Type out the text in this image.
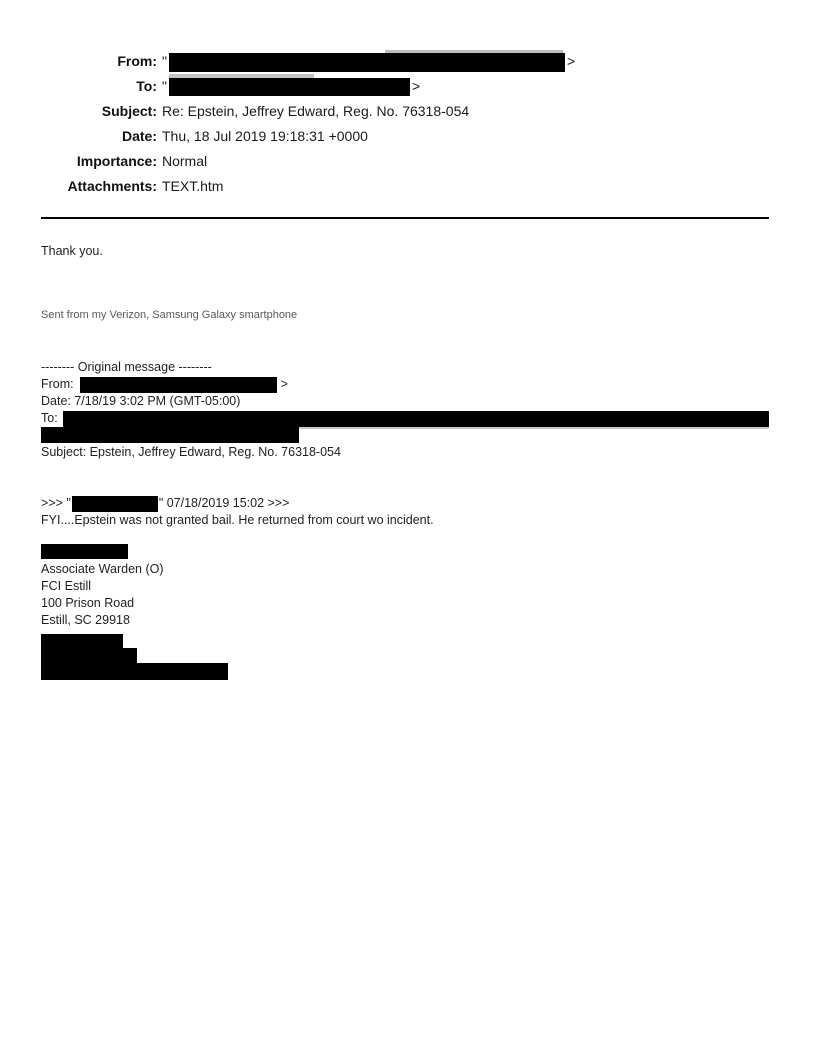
From: "	>
To: "	>
Subject: Re: Epstein, Jeffrey Edward, Reg. No. 76318-054
Date: Thu, 18 Jul 2019 19:18:31 +0000
Importance: Normal
Attachments: TEXT.htm

Thank you.

Sent from my Verizon, Samsung Galaxy smartphone

-------- Original message --------
From:	>
Date: 7/18/19 3:02 PM (GMT-05:00)
To:
Subject: Epstein, Jeffrey Edward, Reg. No. 76318-054
>>> "	" 07/18/2019 15:02 >>>
FYI....Epstein was not granted bail. He returned from court wo incident.
Associate Warden (O)
FCI Estill
100 Prison Road
Estill, SC 29918
